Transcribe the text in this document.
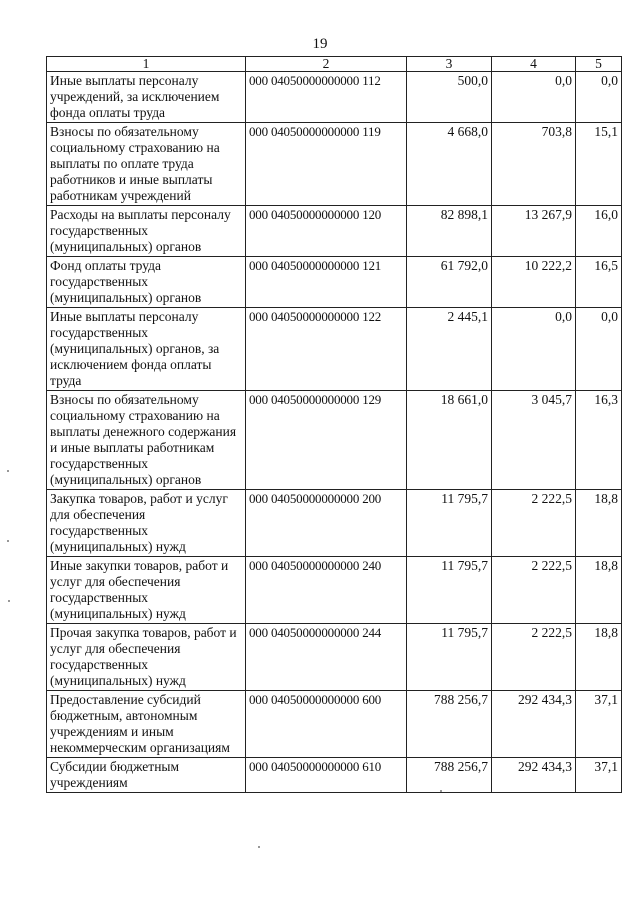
19
1	2	3	4	5
Иные выплаты персоналу учреждений, за исключением фонда оплаты труда	000 04050000000000 112	500,0	0,0	0,0
Взносы по обязательному социальному страхованию на выплаты по оплате труда работников и иные выплаты работникам учреждений	000 04050000000000 119	4 668,0	703,8	15,1
Расходы на выплаты персоналу государственных (муниципальных) органов	000 04050000000000 120	82 898,1	13 267,9	16,0
Фонд оплаты труда государственных (муниципальных) органов	000 04050000000000 121	61 792,0	10 222,2	16,5
Иные выплаты персоналу государственных (муниципальных) органов, за исключением фонда оплаты труда	000 04050000000000 122	2 445,1	0,0	0,0
Взносы по обязательному социальному страхованию на выплаты денежного содержания и иные выплаты работникам государственных (муниципальных) органов	000 04050000000000 129	18 661,0	3 045,7	16,3
Закупка товаров, работ и услуг для обеспечения государственных (муниципальных) нужд	000 04050000000000 200	11 795,7	2 222,5	18,8
Иные закупки товаров, работ и услуг для обеспечения государственных (муниципальных) нужд	000 04050000000000 240	11 795,7	2 222,5	18,8
Прочая закупка товаров, работ и услуг для обеспечения государственных (муниципальных) нужд	000 04050000000000 244	11 795,7	2 222,5	18,8
Предоставление субсидий бюджетным, автономным учреждениям и иным некоммерческим организациям	000 04050000000000 600	788 256,7	292 434,3	37,1
Субсидии бюджетным учреждениям	000 04050000000000 610	788 256,7	292 434,3	37,1
